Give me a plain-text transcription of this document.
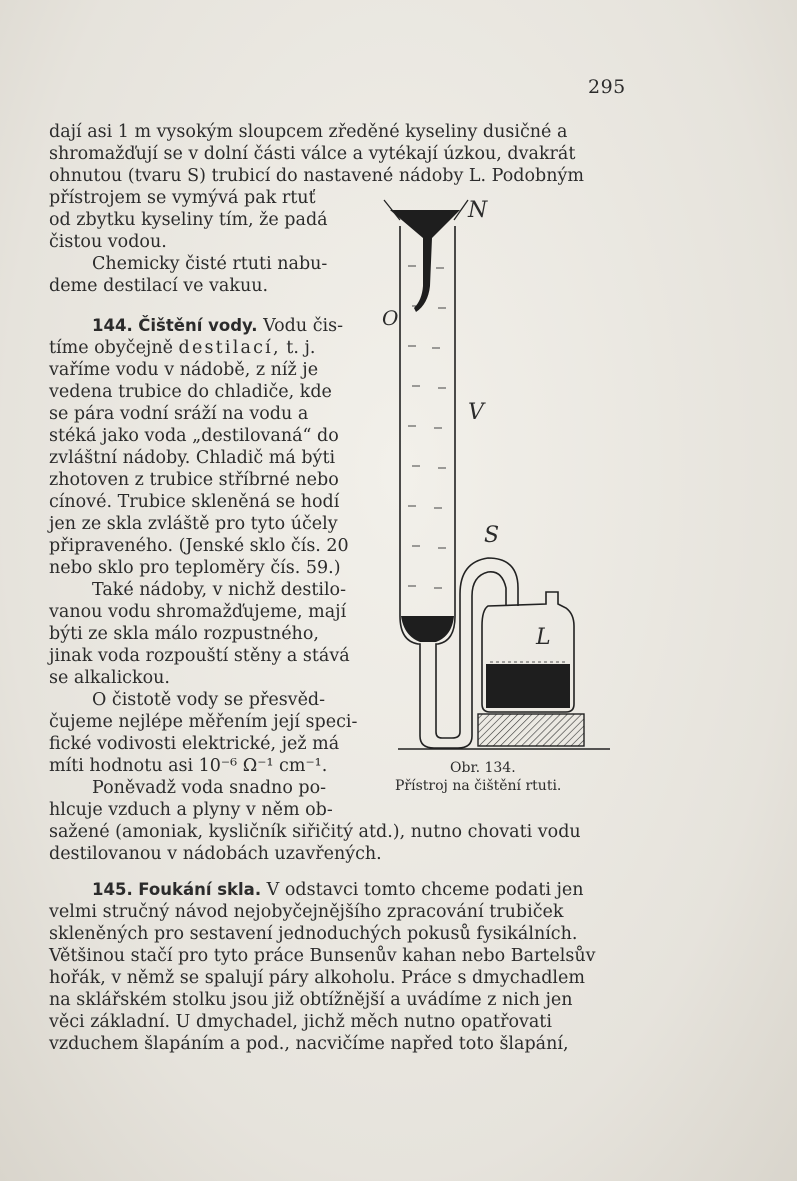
295
dají asi 1 m vysokým sloupcem zředěné kyseliny dusičné a
shromažďují se v dolní části válce a vytékají úzkou, dvakrát
ohnutou (tvaru S) trubicí do nastavené nádoby L. Podobným
přístrojem se vymývá pak rtuť
od zbytku kyseliny tím, že padá
čistou vodou.
Chemicky čisté rtuti nabu-
deme destilací ve vakuu.
144. Čištění vody. Vodu čis-
tíme obyčejně destilací, t. j.
vaříme vodu v nádobě, z níž je
vedena trubice do chladiče, kde
se pára vodní sráží na vodu a
stéká jako voda „destilovaná“ do
zvláštní nádoby. Chladič má býti
zhotoven z trubice stříbrné nebo
cínové. Trubice skleněná se hodí
jen ze skla zvláště pro tyto účely
připraveného. (Jenské sklo čís. 20
nebo sklo pro teploměry čís. 59.)
Také nádoby, v nichž destilo-
vanou vodu shromažďujeme, mají
býti ze skla málo rozpustného,
jinak voda rozpouští stěny a stává
se alkalickou.
O čistotě vody se přesvěd-
čujeme nejlépe měřením její speci-
fické vodivosti elektrické, jež má
míti hodnotu asi 10⁻⁶ Ω⁻¹ cm⁻¹.
Poněvadž voda snadno po-
hlcuje vzduch a plyny v něm ob-
sažené (amoniak, kysličník siřičitý atd.), nutno chovati vodu
destilovanou v nádobách uzavřených.
N
O
V
S
L
Obr. 134.
Přístroj na čištění rtuti.
145. Foukání skla. V odstavci tomto chceme podati jen
velmi stručný návod nejobyčejnějšího zpracování trubiček
skleněných pro sestavení jednoduchých pokusů fysikálních.
Většinou stačí pro tyto práce Bunsenův kahan nebo Bartelsův
hořák, v němž se spalují páry alkoholu. Práce s dmychadlem
na sklářském stolku jsou již obtížnější a uvádíme z nich jen
věci základní. U dmychadel, jichž měch nutno opatřovati
vzduchem šlapáním a pod., nacvičíme napřed toto šlapání,
